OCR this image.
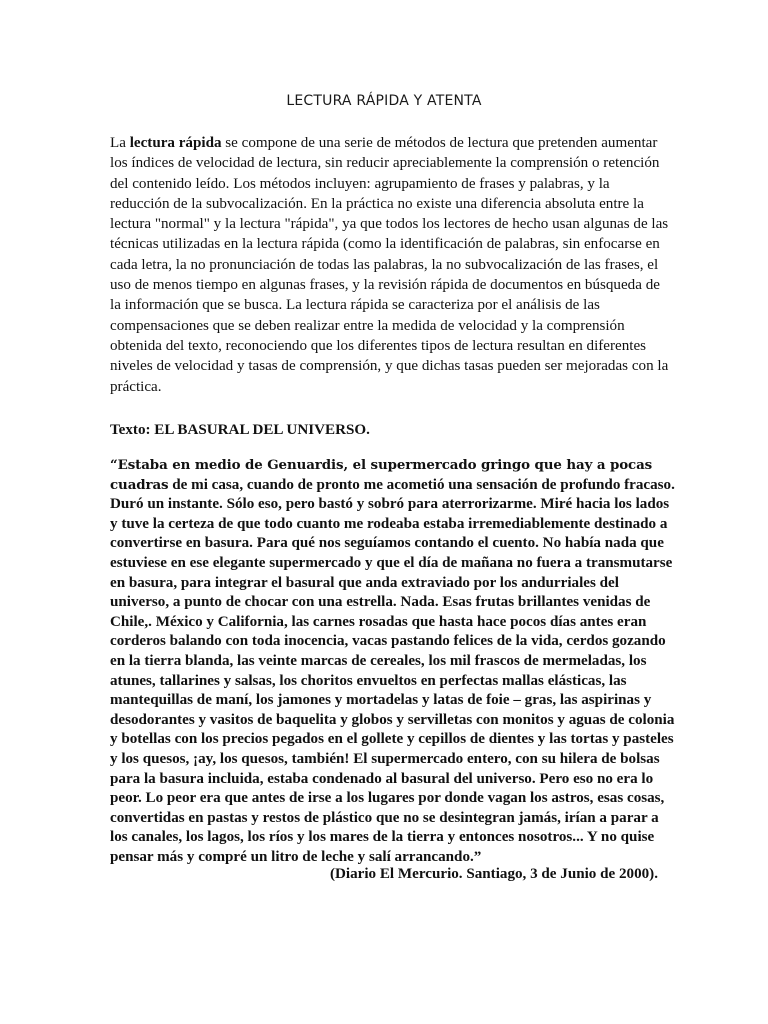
LECTURA RÁPIDA Y ATENTA

La lectura rápida se compone de una serie de métodos de lectura que pretenden aumentar los índices de velocidad de lectura, sin reducir apreciablemente la comprensión o retención del contenido leído. Los métodos incluyen: agrupamiento de frases y palabras, y la reducción de la subvocalización. En la práctica no existe una diferencia absoluta entre la lectura "normal" y la lectura "rápida", ya que todos los lectores de hecho usan algunas de las técnicas utilizadas en la lectura rápida (como la identificación de palabras, sin enfocarse en cada letra, la no pronunciación de todas las palabras, la no subvocalización de las frases, el uso de menos tiempo en algunas frases, y la revisión rápida de documentos en búsqueda de la información que se busca. La lectura rápida se caracteriza por el análisis de las compensaciones que se deben realizar entre la medida de velocidad y la comprensión obtenida del texto, reconociendo que los diferentes tipos de lectura resultan en diferentes niveles de velocidad y tasas de comprensión, y que dichas tasas pueden ser mejoradas con la práctica.

Texto: EL BASURAL DEL UNIVERSO.

“Estaba en medio de Genuardis, el supermercado gringo que hay a pocas cuadras de mi casa, cuando de pronto me acometió una sensación de profundo fracaso. Duró un instante. Sólo eso, pero bastó y sobró para aterrorizarme. Miré hacia los lados y tuve la certeza de que todo cuanto me rodeaba estaba irremediablemente destinado a convertirse en basura. Para qué nos seguíamos contando el cuento. No había nada que estuviese en ese elegante supermercado y que el día de mañana no fuera a transmutarse en basura, para integrar el basural que anda extraviado por los andurriales del universo, a punto de chocar con una estrella. Nada. Esas frutas brillantes venidas de Chile,. México y California, las carnes rosadas que hasta hace pocos días antes eran corderos balando con toda inocencia, vacas pastando felices de la vida, cerdos gozando en la tierra blanda, las veinte marcas de cereales, los mil frascos de mermeladas, los atunes, tallarines y salsas, los choritos envueltos en perfectas mallas elásticas, las mantequillas de maní, los jamones y mortadelas y latas de foie – gras, las aspirinas y desodorantes y vasitos de baquelita y globos y servilletas con monitos y aguas de colonia y botellas con los precios pegados en el gollete y cepillos de dientes y las tortas y pasteles y los quesos, ¡ay, los quesos, también! El supermercado entero, con su hilera de bolsas para la basura incluida, estaba condenado al basural del universo. Pero eso no era lo peor. Lo peor era que antes de irse a los lugares por donde vagan los astros, esas cosas, convertidas en pastas y restos de plástico que no se desintegran jamás, irían a parar a los canales, los lagos, los ríos y los mares de la tierra y entonces nosotros... Y no quise pensar más y compré un litro de leche y salí arrancando.”

(Diario El Mercurio. Santiago, 3 de Junio de 2000).
